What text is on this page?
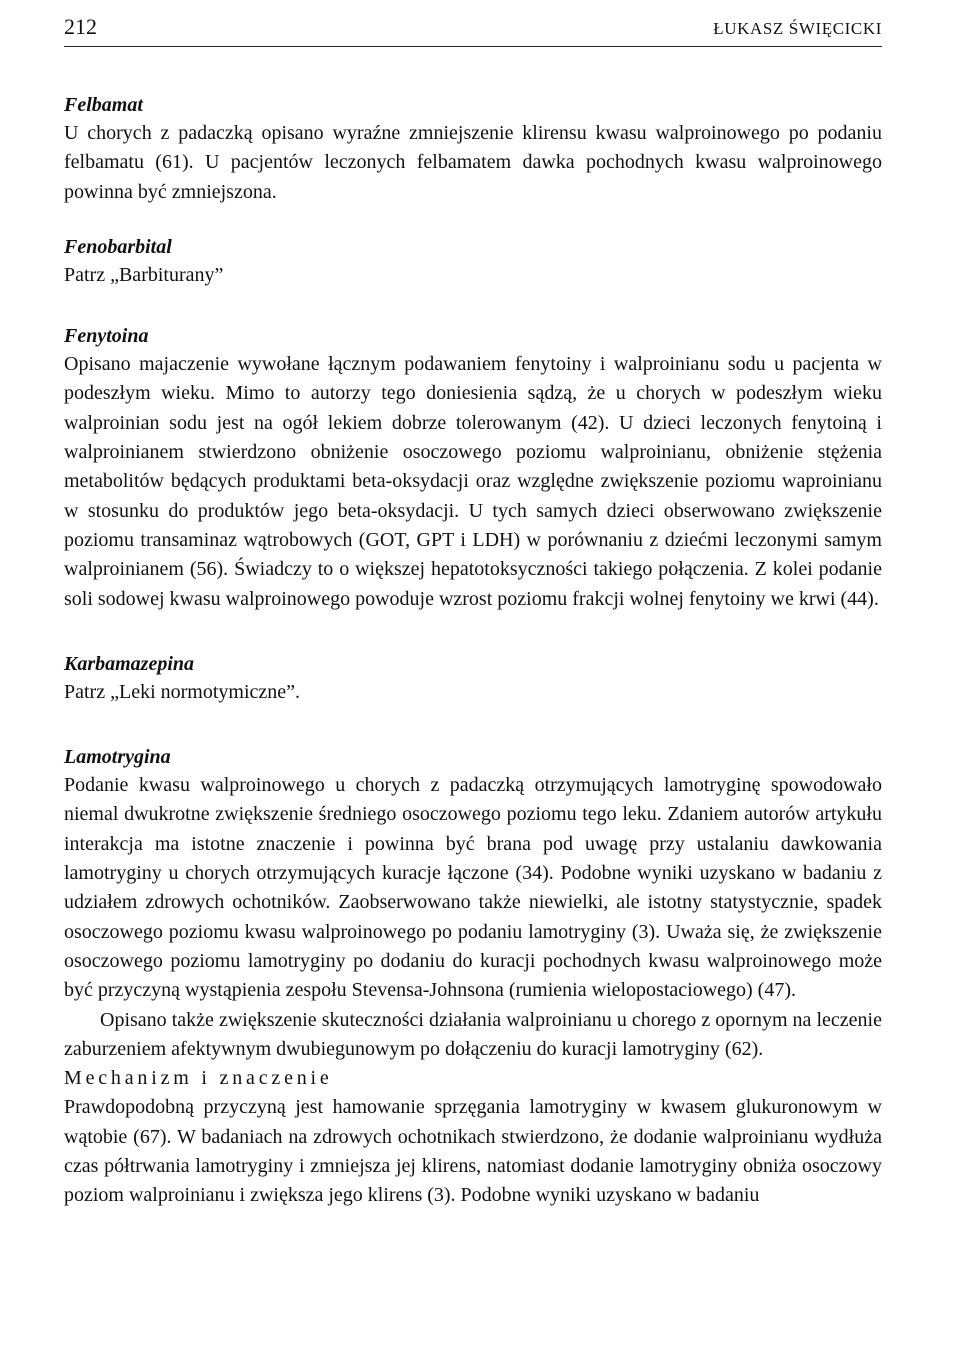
212	ŁUKASZ ŚWIĘCICKI
Felbamat

U chorych z padaczką opisano wyraźne zmniejszenie klirensu kwasu walproinowego po podaniu felbamatu (61). U pacjentów leczonych felbamatem dawka pochodnych kwasu walproinowego powinna być zmniejszona.

Fenobarbital

Patrz „Barbiturany”

Fenytoina

Opisano majaczenie wywołane łącznym podawaniem fenytoiny i walproinianu sodu u pacjenta w podeszłym wieku. Mimo to autorzy tego doniesienia sądzą, że u chorych w podeszłym wieku walproinian sodu jest na ogół lekiem dobrze tolerowanym (42). U dzieci leczonych fenytoiną i walproinianem stwierdzono obniżenie osoczowego poziomu walproinianu, obniżenie stężenia metabolitów będących produktami beta-oksydacji oraz względne zwiększenie poziomu waproinianu w stosunku do produktów jego beta-oksydacji. U tych samych dzieci obserwowano zwiększenie poziomu transaminaz wątrobowych (GOT, GPT i LDH) w porównaniu z dziećmi leczonymi samym walproinianem (56). Świadczy to o większej hepatotoksyczności takiego połączenia. Z kolei podanie soli sodowej kwasu walproinowego powoduje wzrost poziomu frakcji wolnej fenytoiny we krwi (44).

Karbamazepina

Patrz „Leki normotymiczne”.

Lamotrygina

Podanie kwasu walproinowego u chorych z padaczką otrzymujących lamotryginę spowodowało niemal dwukrotne zwiększenie średniego osoczowego poziomu tego leku. Zdaniem autorów artykułu interakcja ma istotne znaczenie i powinna być brana pod uwagę przy ustalaniu dawkowania lamotryginy u chorych otrzymujących kuracje łączone (34). Podobne wyniki uzyskano w badaniu z udziałem zdrowych ochotników. Zaobserwowano także niewielki, ale istotny statystycznie, spadek osoczowego poziomu kwasu walproinowego po podaniu lamotryginy (3). Uważa się, że zwiększenie osoczowego poziomu lamotryginy po dodaniu do kuracji pochodnych kwasu walproinowego może być przyczyną wystąpienia zespołu Stevensa-Johnsona (rumienia wielopostaciowego) (47).

Opisano także zwiększenie skuteczności działania walproinianu u chorego z opornym na leczenie zaburzeniem afektywnym dwubiegunowym po dołączeniu do kuracji lamotryginy (62).

Mechanizm i znaczenie

Prawdopodobną przyczyną jest hamowanie sprzęgania lamotryginy w kwasem glukuronowym w wątobie (67). W badaniach na zdrowych ochotnikach stwierdzono, że dodanie walproinianu wydłuża czas półtrwania lamotryginy i zmniejsza jej klirens, natomiast dodanie lamotryginy obniża osoczowy poziom walproinianu i zwiększa jego klirens (3). Podobne wyniki uzyskano w badaniu
